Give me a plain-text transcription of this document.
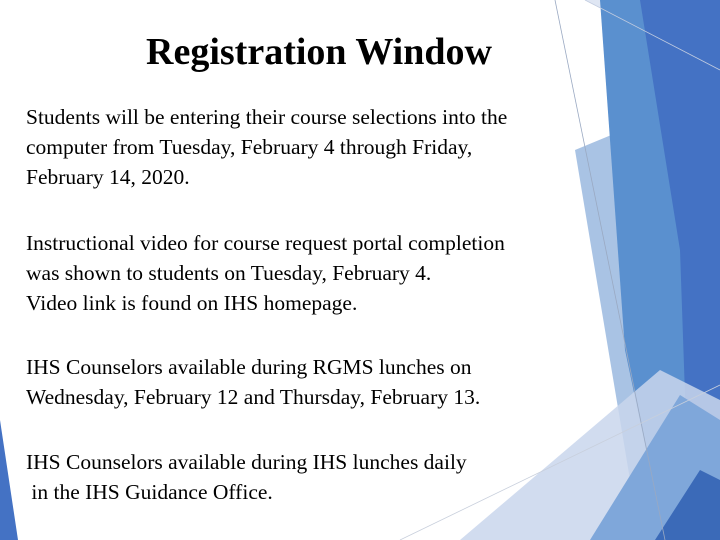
Registration Window
Students will be entering their course selections into the
computer from Tuesday, February 4 through Friday,
February 14, 2020.
Instructional video for course request portal completion
was shown to students on Tuesday, February 4.
Video link is found on IHS homepage.
IHS Counselors available during RGMS lunches on
Wednesday, February 12 and Thursday, February 13.
IHS Counselors available during IHS lunches daily
in the IHS Guidance Office.
